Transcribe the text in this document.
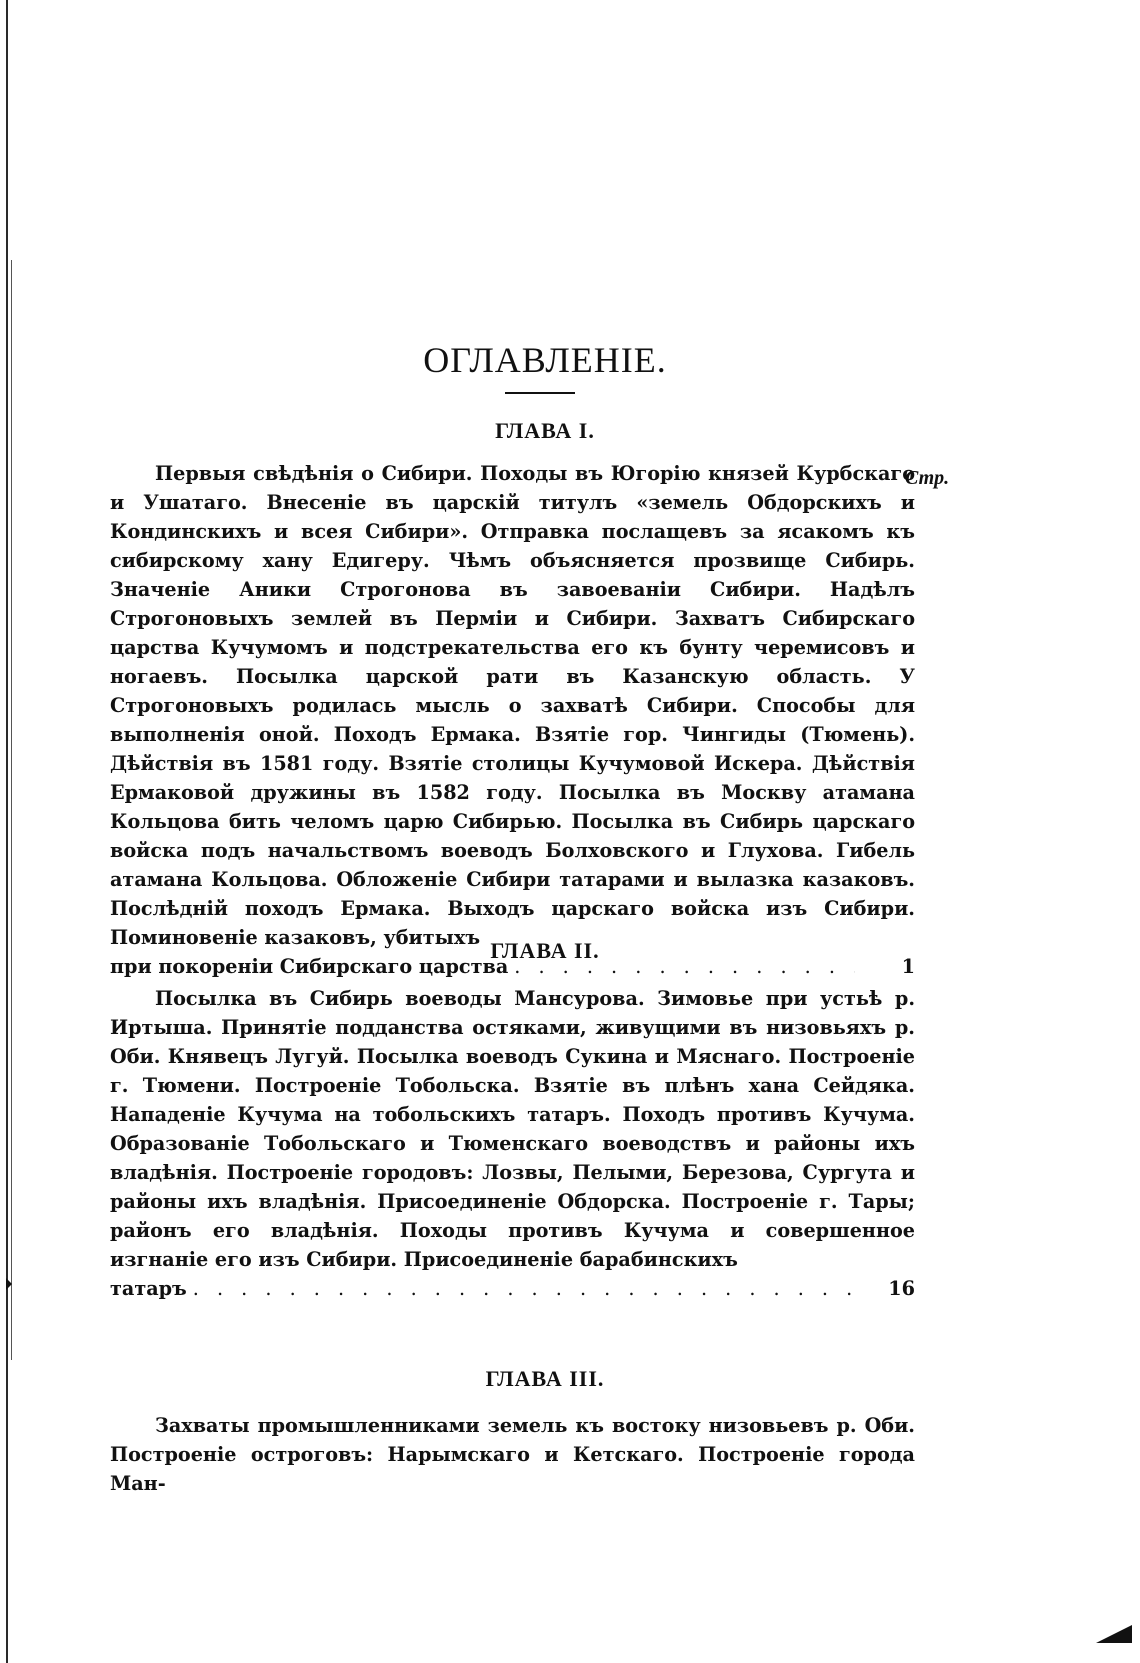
ОГЛАВЛЕНІЕ.
ГЛАВА I.
Стр.
Первыя свѣдѣнія о Сибири. Походы въ Югорію князей Курбскаго и Ушатаго. Внесеніе въ царскій титулъ «земель Обдорскихъ и Кондинскихъ и всея Сибири». Отправка послащевъ за ясакомъ къ сибирскому хану Едигеру. Чѣмъ объясняется прозвище Сибирь. Значеніе Аники Строгонова въ завоеваніи Сибири. Надѣлъ Строгоновыхъ землей въ Перміи и Сибири. Захватъ Сибирскаго царства Кучумомъ и подстрекательства его къ бунту черемисовъ и ногаевъ. Посылка царской рати въ Казанскую область. У Строгоновыхъ родилась мысль о захватѣ Сибири. Способы для выполненія оной. Походъ Ермака. Взятіе гор. Чингиды (Тюмень). Дѣйствія въ 1581 году. Взятіе столицы Кучумовой Искера. Дѣйствія Ермаковой дружины въ 1582 году. Посылка въ Москву атамана Кольцова бить челомъ царю Сибирью. Посылка въ Сибирь царскаго войска подъ начальствомъ воеводъ Болховского и Глухова. Гибель атамана Кольцова. Обложеніе Сибири татарами и вылазка казаковъ. Послѣдній походъ Ермака. Выходъ царскаго войска изъ Сибири. Поминовеніе казаковъ, убитыхъ
при покореніи Сибирскаго царства . . .	1
ГЛАВА II.
Посылка въ Сибирь воеводы Мансурова. Зимовье при устьѣ р. Иртыша. Принятіе подданства остяками, живущими въ низовьяхъ р. Оби. Княвецъ Лугуй. Посылка воеводъ Сукина и Мяснаго. Построеніе г. Тюмени. Построеніе Тобольска. Взятіе въ плѣнъ хана Сейдяка. Нападеніе Кучума на тобольскихъ татаръ. Походъ противъ Кучума. Образованіе Тобольскаго и Тюменскаго воеводствъ и районы ихъ владѣнія. Построеніе городовъ: Лозвы, Пелыми, Березова, Сургута и районы ихъ владѣнія. Присоединеніе Обдорска. Построеніе г. Тары; районъ его владѣнія. Походы противъ Кучума и совершенное изгнаніе его изъ Сибири. Присоединеніе барабинскихъ
татаръ . . .	16
ГЛАВА III.
Захваты промышленниками земель къ востоку низовьевъ р. Оби. Построеніе остроговъ: Нарымскаго и Кетскаго. Построеніе города Ман-
